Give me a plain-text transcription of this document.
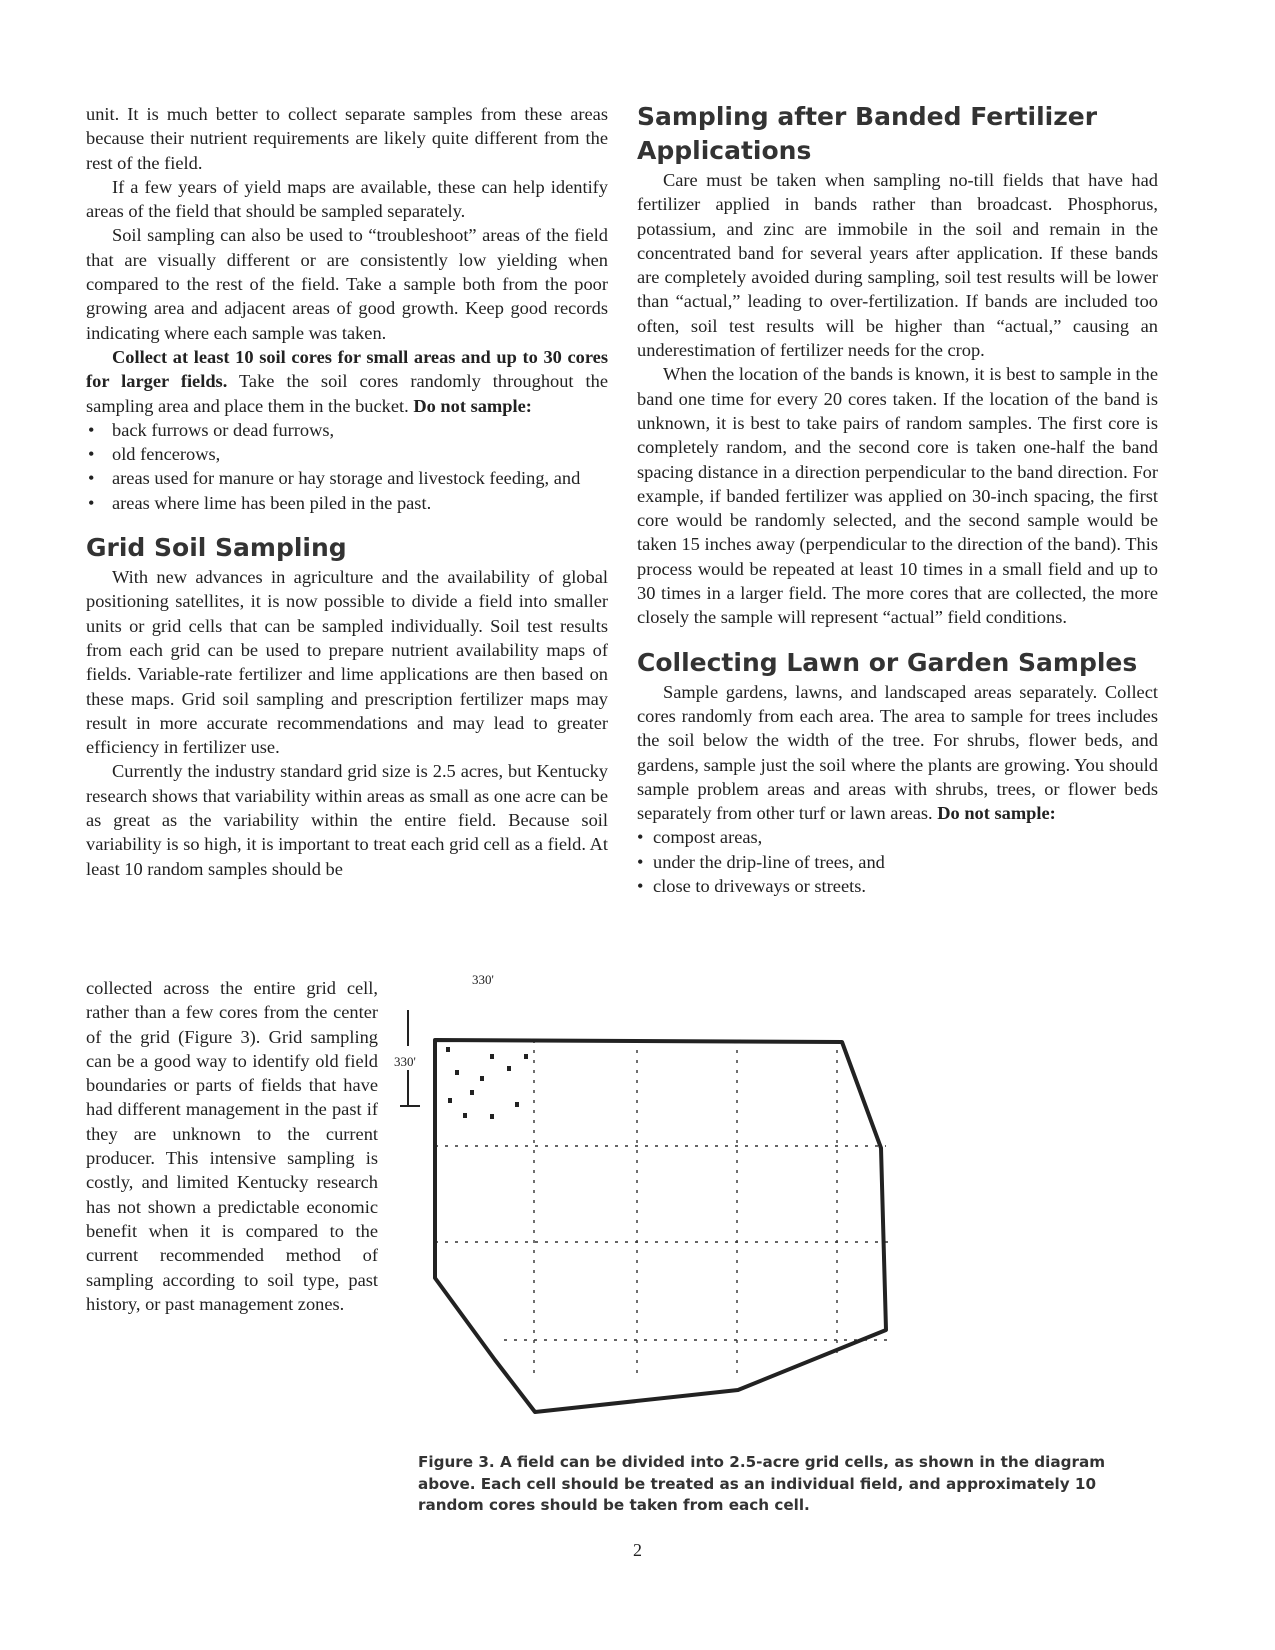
unit. It is much better to collect separate samples from these areas because their nutrient requirements are likely quite different from the rest of the field.

If a few years of yield maps are available, these can help identify areas of the field that should be sampled separately.

Soil sampling can also be used to “troubleshoot” areas of the field that are visually different or are consistently low yielding when compared to the rest of the field. Take a sample both from the poor growing area and adjacent areas of good growth. Keep good records indicating where each sample was taken.

Collect at least 10 soil cores for small areas and up to 30 cores for larger fields. Take the soil cores randomly throughout the sampling area and place them in the bucket. Do not sample:

• back furrows or dead furrows,
• old fencerows,
• areas used for manure or hay storage and livestock feeding, and
• areas where lime has been piled in the past.
Grid Soil Sampling

With new advances in agriculture and the availability of global positioning satellites, it is now possible to divide a field into smaller units or grid cells that can be sampled individually. Soil test results from each grid can be used to prepare nutrient availability maps of fields. Variable-rate fertilizer and lime applications are then based on these maps. Grid soil sampling and prescription fertilizer maps may result in more accurate recommendations and may lead to greater efficiency in fertilizer use.

Currently the industry standard grid size is 2.5 acres, but Kentucky research shows that variability within areas as small as one acre can be as great as the variability within the entire field. Because soil variability is so high, it is important to treat each grid cell as a field. At least 10 random samples should be

collected across the entire grid cell, rather than a few cores from the center of the grid (Figure 3). Grid sampling can be a good way to identify old field boundaries or parts of fields that have had different management in the past if they are unknown to the current producer. This intensive sampling is costly, and limited Kentucky research has not shown a predictable economic benefit when it is compared to the current recommended method of sampling according to soil type, past history, or past management zones.

Sampling after Banded Fertilizer Applications

Care must be taken when sampling no-till fields that have had fertilizer applied in bands rather than broadcast. Phosphorus, potassium, and zinc are immobile in the soil and remain in the concentrated band for several years after application. If these bands are completely avoided during sampling, soil test results will be lower than “actual,” leading to over-fertilization. If bands are included too often, soil test results will be higher than “actual,” causing an underestimation of fertilizer needs for the crop.

When the location of the bands is known, it is best to sample in the band one time for every 20 cores taken. If the location of the band is unknown, it is best to take pairs of random samples. The first core is completely random, and the second core is taken one-half the band spacing distance in a direction perpendicular to the band direction. For example, if banded fertilizer was applied on 30-inch spacing, the first core would be randomly selected, and the second sample would be taken 15 inches away (perpendicular to the direction of the band). This process would be repeated at least 10 times in a small field and up to 30 times in a larger field. The more cores that are collected, the more closely the sample will represent “actual” field conditions.

Collecting Lawn or Garden Samples

Sample gardens, lawns, and landscaped areas separately. Collect cores randomly from each area. The area to sample for trees includes the soil below the width of the tree. For shrubs, flower beds, and gardens, sample just the soil where the plants are growing. You should sample problem areas and areas with shrubs, trees, or flower beds separately from other turf or lawn areas. Do not sample:

• compost areas,
• under the drip-line of trees, and
• close to driveways or streets.
330'
330'
Figure 3. A field can be divided into 2.5-acre grid cells, as shown in the diagram above. Each cell should be treated as an individual field, and approximately 10 random cores should be taken from each cell.
2
